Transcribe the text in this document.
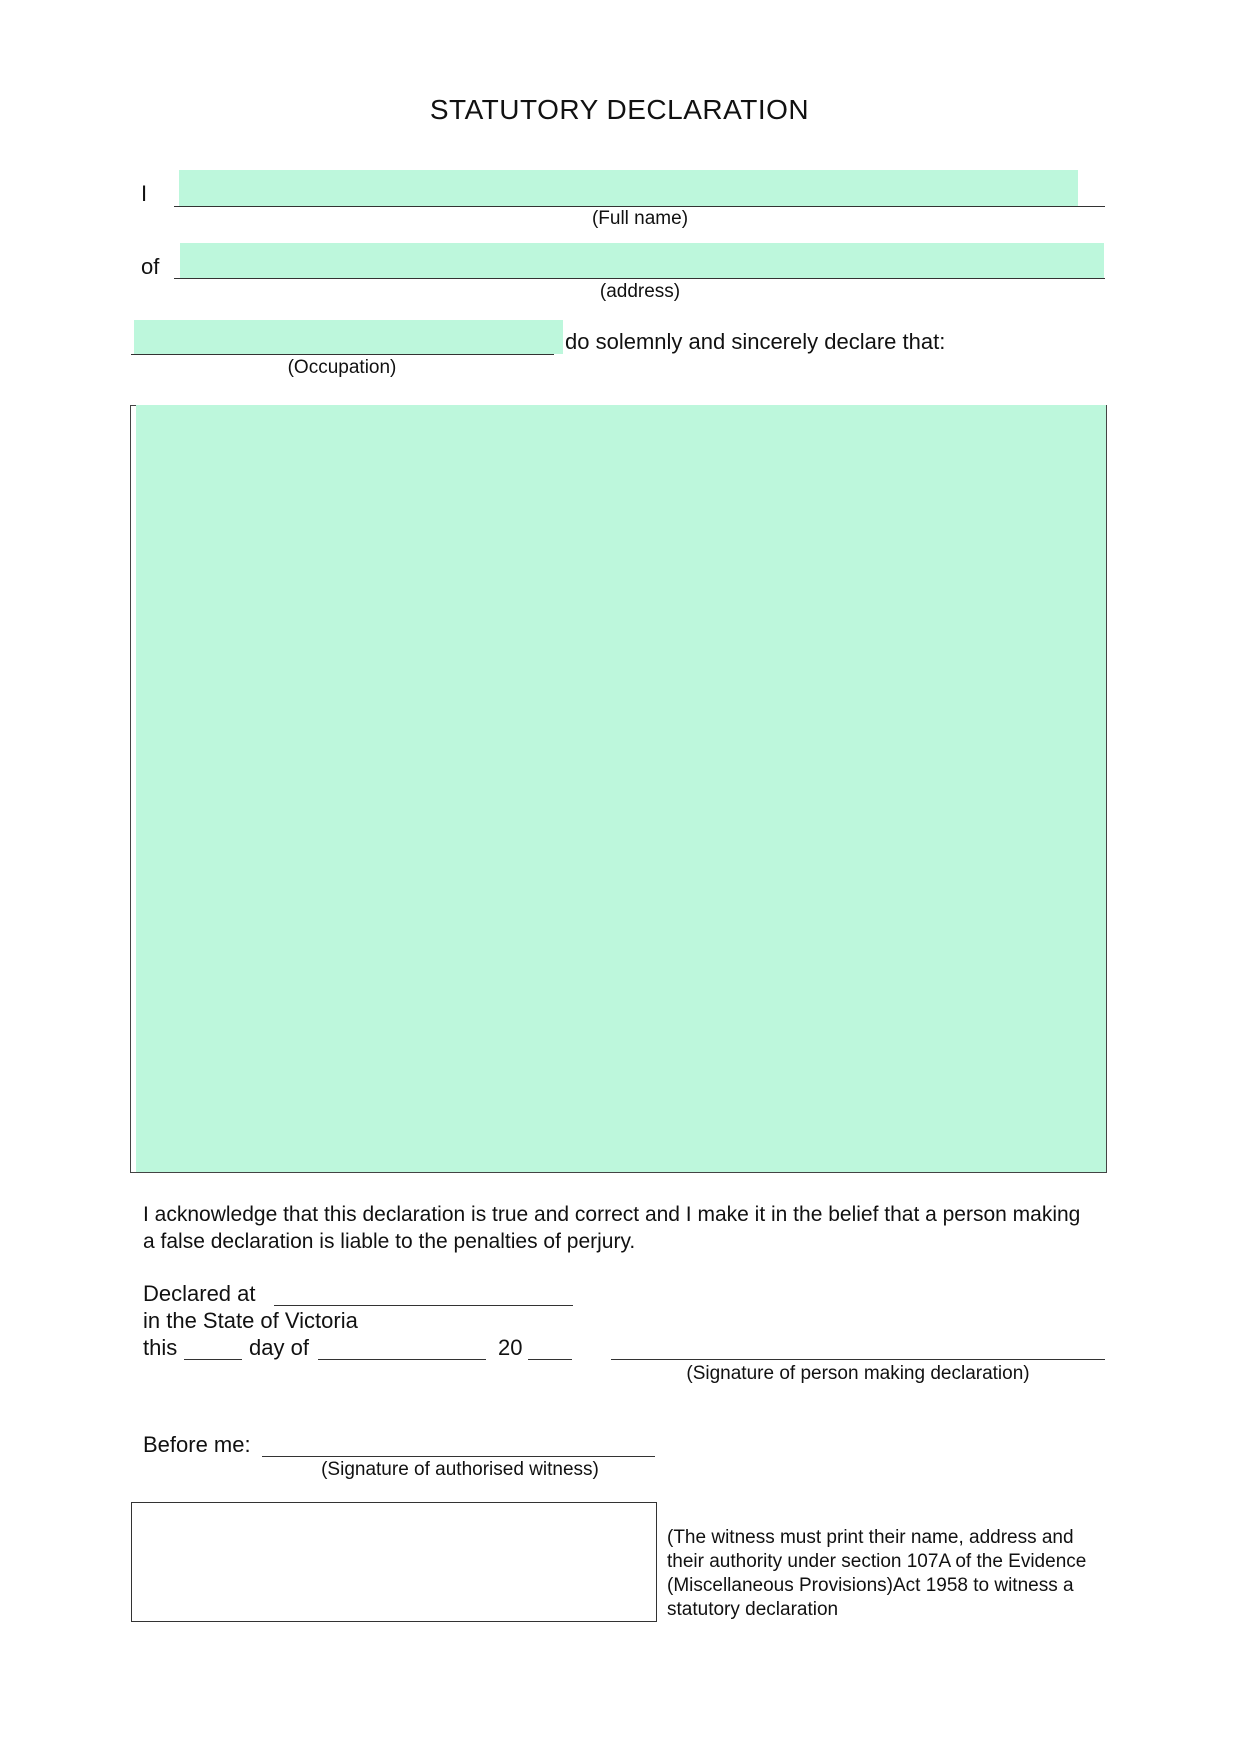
STATUTORY DECLARATION
I
(Full name)
of
(address)
(Occupation)
do solemnly and sincerely declare that:
I acknowledge that this declaration is true and correct and I make it in the belief that a person making a false declaration is liable to the penalties of perjury.
Declared at
in the State of Victoria
this	day of	20
(Signature of person making declaration)
Before me:
(Signature of authorised witness)
(The witness must print their name, address and their authority under section 107A of the Evidence (Miscellaneous Provisions)Act 1958 to witness a statutory declaration
